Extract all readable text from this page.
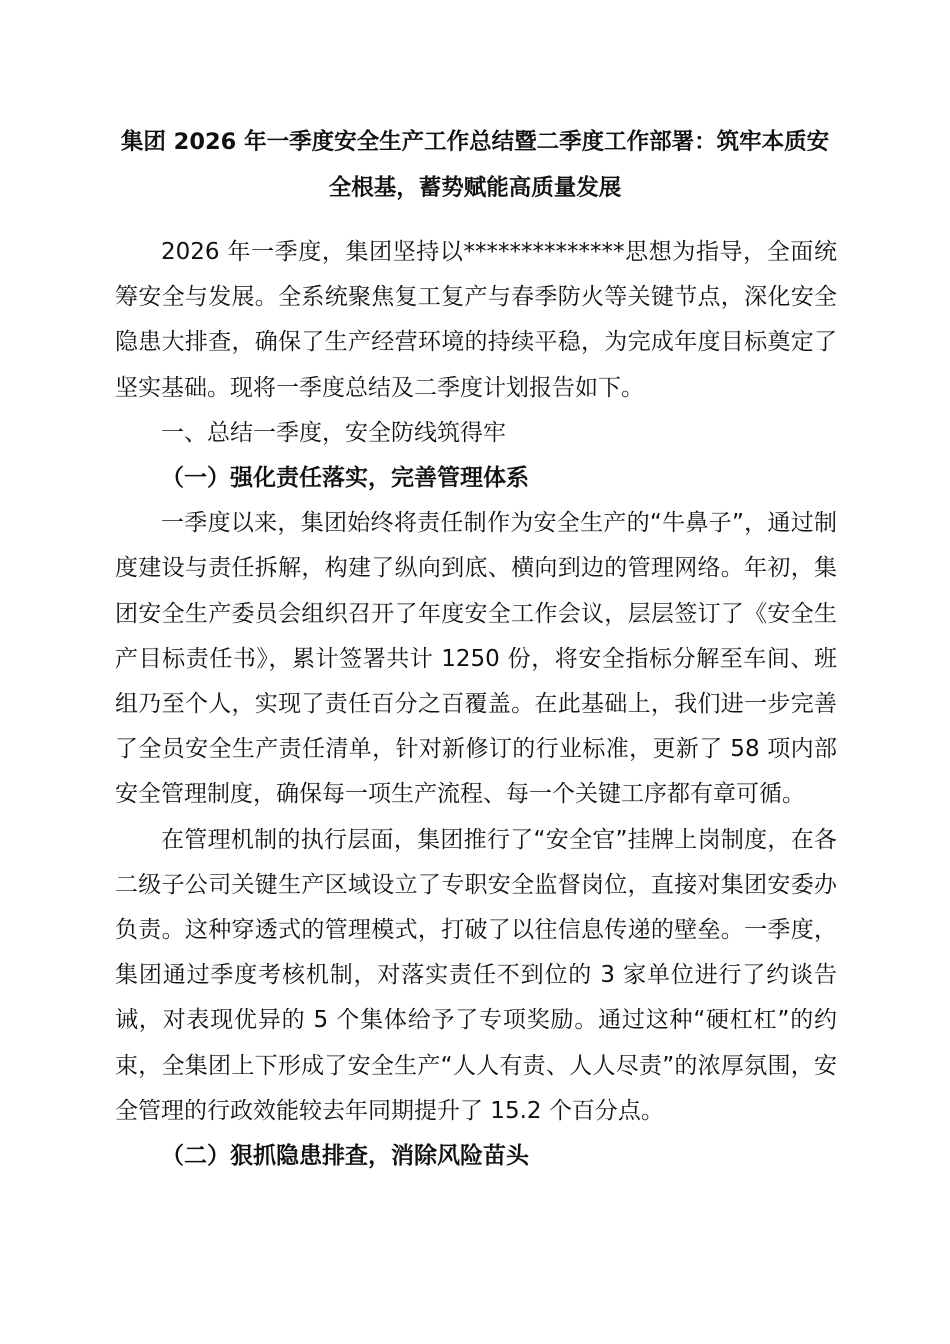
集团 2026 年一季度安全生产工作总结暨二季度工作部署：筑牢本质安全根基，蓄势赋能高质量发展

2026 年一季度，集团坚持以**************思想为指导，全面统筹安全与发展。全系统聚焦复工复产与春季防火等关键节点，深化安全隐患大排查，确保了生产经营环境的持续平稳，为完成年度目标奠定了坚实基础。现将一季度总结及二季度计划报告如下。

一、总结一季度，安全防线筑得牢

（一）强化责任落实，完善管理体系

一季度以来，集团始终将责任制作为安全生产的“牛鼻子”，通过制度建设与责任拆解，构建了纵向到底、横向到边的管理网络。年初，集团安全生产委员会组织召开了年度安全工作会议，层层签订了《安全生产目标责任书》，累计签署共计 1250 份，将安全指标分解至车间、班组乃至个人，实现了责任百分之百覆盖。在此基础上，我们进一步完善了全员安全生产责任清单，针对新修订的行业标准，更新了 58 项内部安全管理制度，确保每一项生产流程、每一个关键工序都有章可循。

在管理机制的执行层面，集团推行了“安全官”挂牌上岗制度，在各二级子公司关键生产区域设立了专职安全监督岗位，直接对集团安委办负责。这种穿透式的管理模式，打破了以往信息传递的壁垒。一季度，集团通过季度考核机制，对落实责任不到位的 3 家单位进行了约谈告诫，对表现优异的 5 个集体给予了专项奖励。通过这种“硬杠杠”的约束，全集团上下形成了安全生产“人人有责、人人尽责”的浓厚氛围，安全管理的行政效能较去年同期提升了 15.2 个百分点。

（二）狠抓隐患排查，消除风险苗头
